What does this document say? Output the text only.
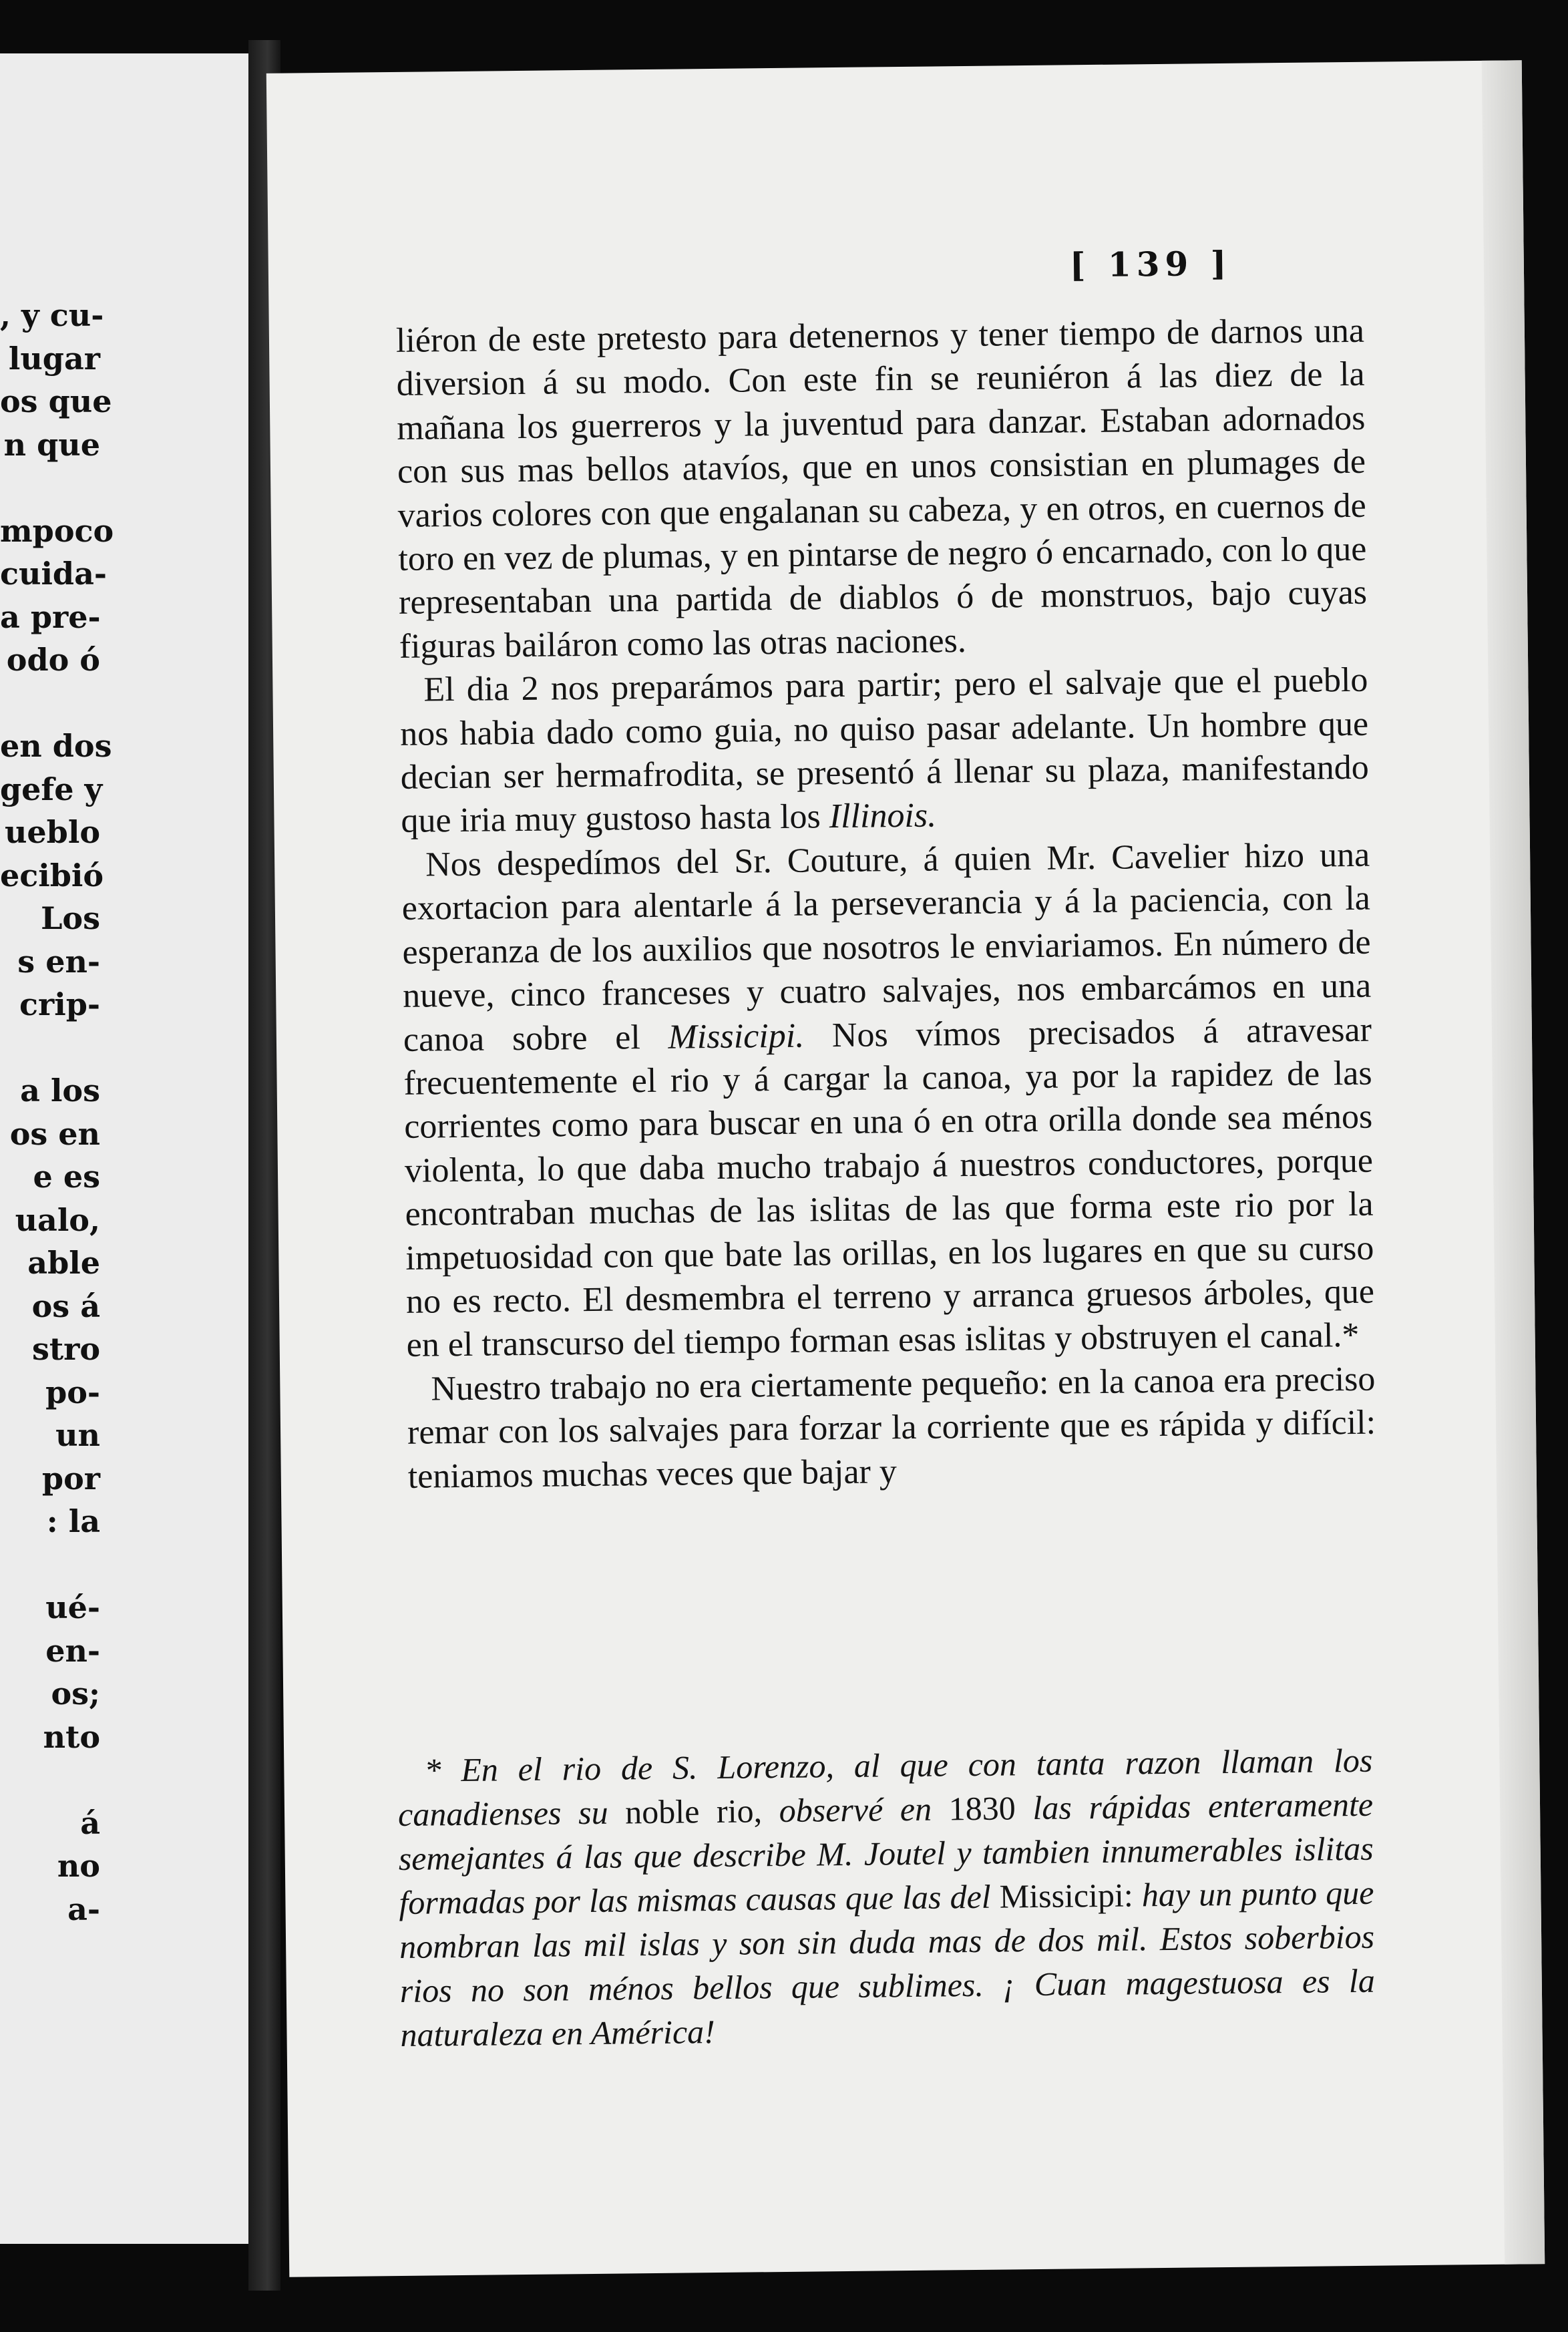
, y cu-
lugar
os que
n que
mpoco
cuida-
a pre-
odo ó
en dos
gefe y
ueblo
ecibió
Los
s en-
crip-
a los
os en
e es
ualo,
able
os á
stro
po-
un
por
: la
ué-
en-
os;
nto
á
no
a-
[ 139 ]

liéron de este pretesto para detenernos y tener tiempo de darnos una diversion á su modo. Con este fin se reuniéron á las diez de la mañana los guerreros y la juventud para danzar. Estaban adornados con sus mas bellos atavíos, que en unos consistian en plumages de varios colores con que engalanan su cabeza, y en otros, en cuernos de toro en vez de plumas, y en pintarse de negro ó encarnado, con lo que representaban una partida de diablos ó de monstruos, bajo cuyas figuras bailáron como las otras naciones.

El dia 2 nos preparámos para partir; pero el salvaje que el pueblo nos habia dado como guia, no quiso pasar adelante. Un hombre que decian ser hermafrodita, se presentó á llenar su plaza, manifestando que iria muy gustoso hasta los Illinois.

Nos despedímos del Sr. Couture, á quien Mr. Cavelier hizo una exortacion para alentarle á la perseverancia y á la paciencia, con la esperanza de los auxilios que nosotros le enviariamos. En número de nueve, cinco franceses y cuatro salvajes, nos embarcámos en una canoa sobre el Missicipi. Nos vímos precisados á atravesar frecuentemente el rio y á cargar la canoa, ya por la rapidez de las corrientes como para buscar en una ó en otra orilla donde sea ménos violenta, lo que daba mucho trabajo á nuestros conductores, porque encontraban muchas de las islitas de las que forma este rio por la impetuosidad con que bate las orillas, en los lugares en que su curso no es recto. El desmembra el terreno y arranca gruesos árboles, que en el transcurso del tiempo forman esas islitas y obstruyen el canal.*

Nuestro trabajo no era ciertamente pequeño: en la canoa era preciso remar con los salvajes para forzar la corriente que es rápida y difícil: teniamos muchas veces que bajar y

* En el rio de S. Lorenzo, al que con tanta razon llaman los canadienses su noble rio, observé en 1830 las rápidas enteramente semejantes á las que describe M. Joutel y tambien innumerables islitas formadas por las mismas causas que las del Missicipi: hay un punto que nombran las mil islas y son sin duda mas de dos mil. Estos soberbios rios no son ménos bellos que sublimes. ¡ Cuan magestuosa es la naturaleza en América!
